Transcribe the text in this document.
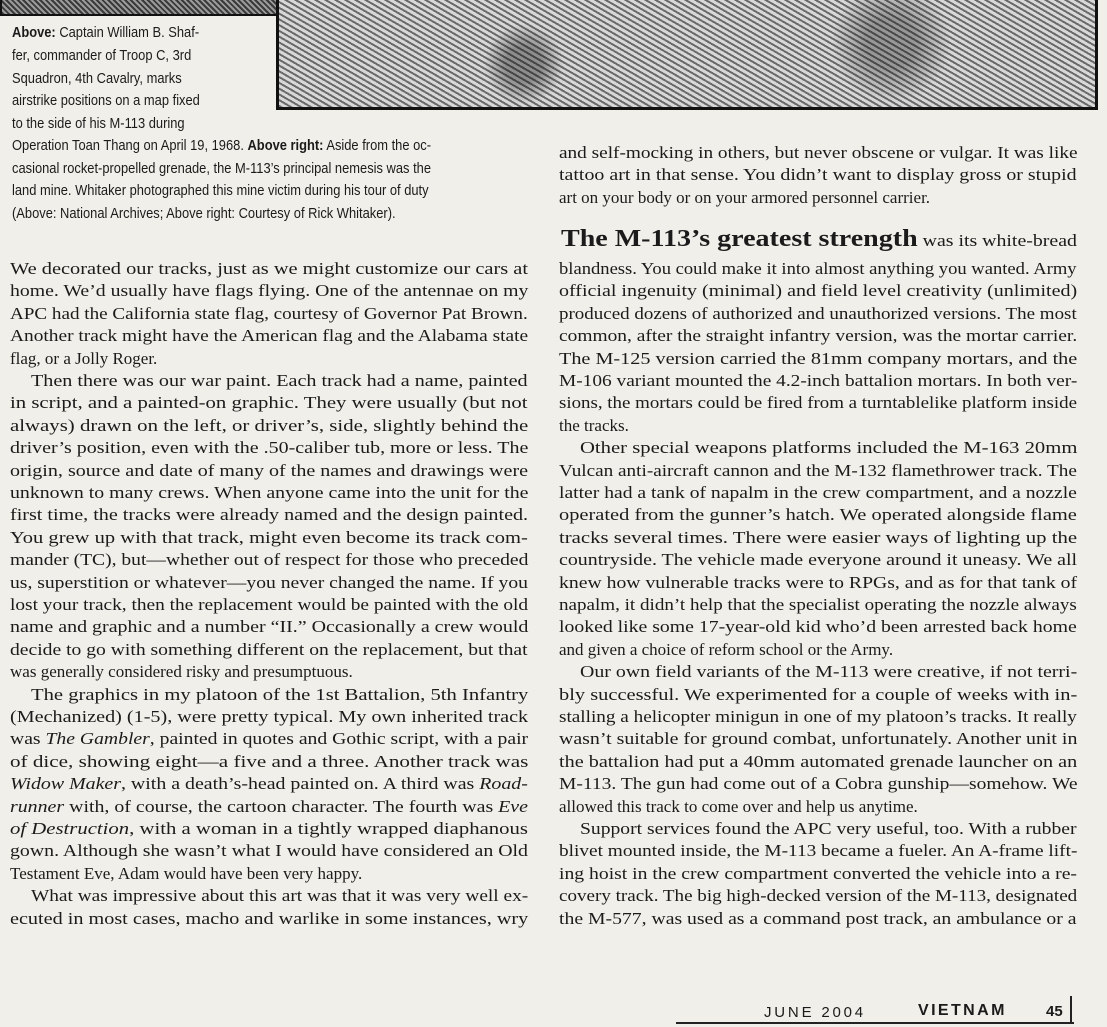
Above: Captain William B. Shaf-
fer, commander of Troop C, 3rd
Squadron, 4th Cavalry, marks
airstrike positions on a map fixed
to the side of his M-113 during
Operation Toan Thang on April 19, 1968. Above right: Aside from the oc-
casional rocket-propelled grenade, the M-113’s principal nemesis was the
land mine. Whitaker photographed this mine victim during his tour of duty
(Above: National Archives; Above right: Courtesy of Rick Whitaker).
We decorated our tracks, just as we might customize our cars at
home. We’d usually have flags flying. One of the antennae on my
APC had the California state flag, courtesy of Governor Pat Brown.
Another track might have the American flag and the Alabama state
flag, or a Jolly Roger.
Then there was our war paint. Each track had a name, painted
in script, and a painted-on graphic. They were usually (but not
always) drawn on the left, or driver’s, side, slightly behind the
driver’s position, even with the .50-caliber tub, more or less. The
origin, source and date of many of the names and drawings were
unknown to many crews. When anyone came into the unit for the
first time, the tracks were already named and the design painted.
You grew up with that track, might even become its track com-
mander (TC), but—whether out of respect for those who preceded
us, superstition or whatever—you never changed the name. If you
lost your track, then the replacement would be painted with the old
name and graphic and a number “II.” Occasionally a crew would
decide to go with something different on the replacement, but that
was generally considered risky and presumptuous.
The graphics in my platoon of the 1st Battalion, 5th Infantry
(Mechanized) (1-5), were pretty typical. My own inherited track
was The Gambler, painted in quotes and Gothic script, with a pair
of dice, showing eight—a five and a three. Another track was
Widow Maker, with a death’s-head painted on. A third was Road-
runner with, of course, the cartoon character. The fourth was Eve
of Destruction, with a woman in a tightly wrapped diaphanous
gown. Although she wasn’t what I would have considered an Old
Testament Eve, Adam would have been very happy.
What was impressive about this art was that it was very well ex-
ecuted in most cases, macho and warlike in some instances, wry
and self-mocking in others, but never obscene or vulgar. It was like
tattoo art in that sense. You didn’t want to display gross or stupid
art on your body or on your armored personnel carrier.
The M-113’s greatest strength was its white-bread
blandness. You could make it into almost anything you wanted. Army
official ingenuity (minimal) and field level creativity (unlimited)
produced dozens of authorized and unauthorized versions. The most
common, after the straight infantry version, was the mortar carrier.
The M-125 version carried the 81mm company mortars, and the
M-106 variant mounted the 4.2-inch battalion mortars. In both ver-
sions, the mortars could be fired from a turntablelike platform inside
the tracks.
Other special weapons platforms included the M-163 20mm
Vulcan anti-aircraft cannon and the M-132 flamethrower track. The
latter had a tank of napalm in the crew compartment, and a nozzle
operated from the gunner’s hatch. We operated alongside flame
tracks several times. There were easier ways of lighting up the
countryside. The vehicle made everyone around it uneasy. We all
knew how vulnerable tracks were to RPGs, and as for that tank of
napalm, it didn’t help that the specialist operating the nozzle always
looked like some 17-year-old kid who’d been arrested back home
and given a choice of reform school or the Army.
Our own field variants of the M-113 were creative, if not terri-
bly successful. We experimented for a couple of weeks with in-
stalling a helicopter minigun in one of my platoon’s tracks. It really
wasn’t suitable for ground combat, unfortunately. Another unit in
the battalion had put a 40mm automated grenade launcher on an
M-113. The gun had come out of a Cobra gunship—somehow. We
allowed this track to come over and help us anytime.
Support services found the APC very useful, too. With a rubber
blivet mounted inside, the M-113 became a fueler. An A-frame lift-
ing hoist in the crew compartment converted the vehicle into a re-
covery track. The big high-decked version of the M-113, designated
the M-577, was used as a command post track, an ambulance or a
JUNE 2004	VIETNAM	45
